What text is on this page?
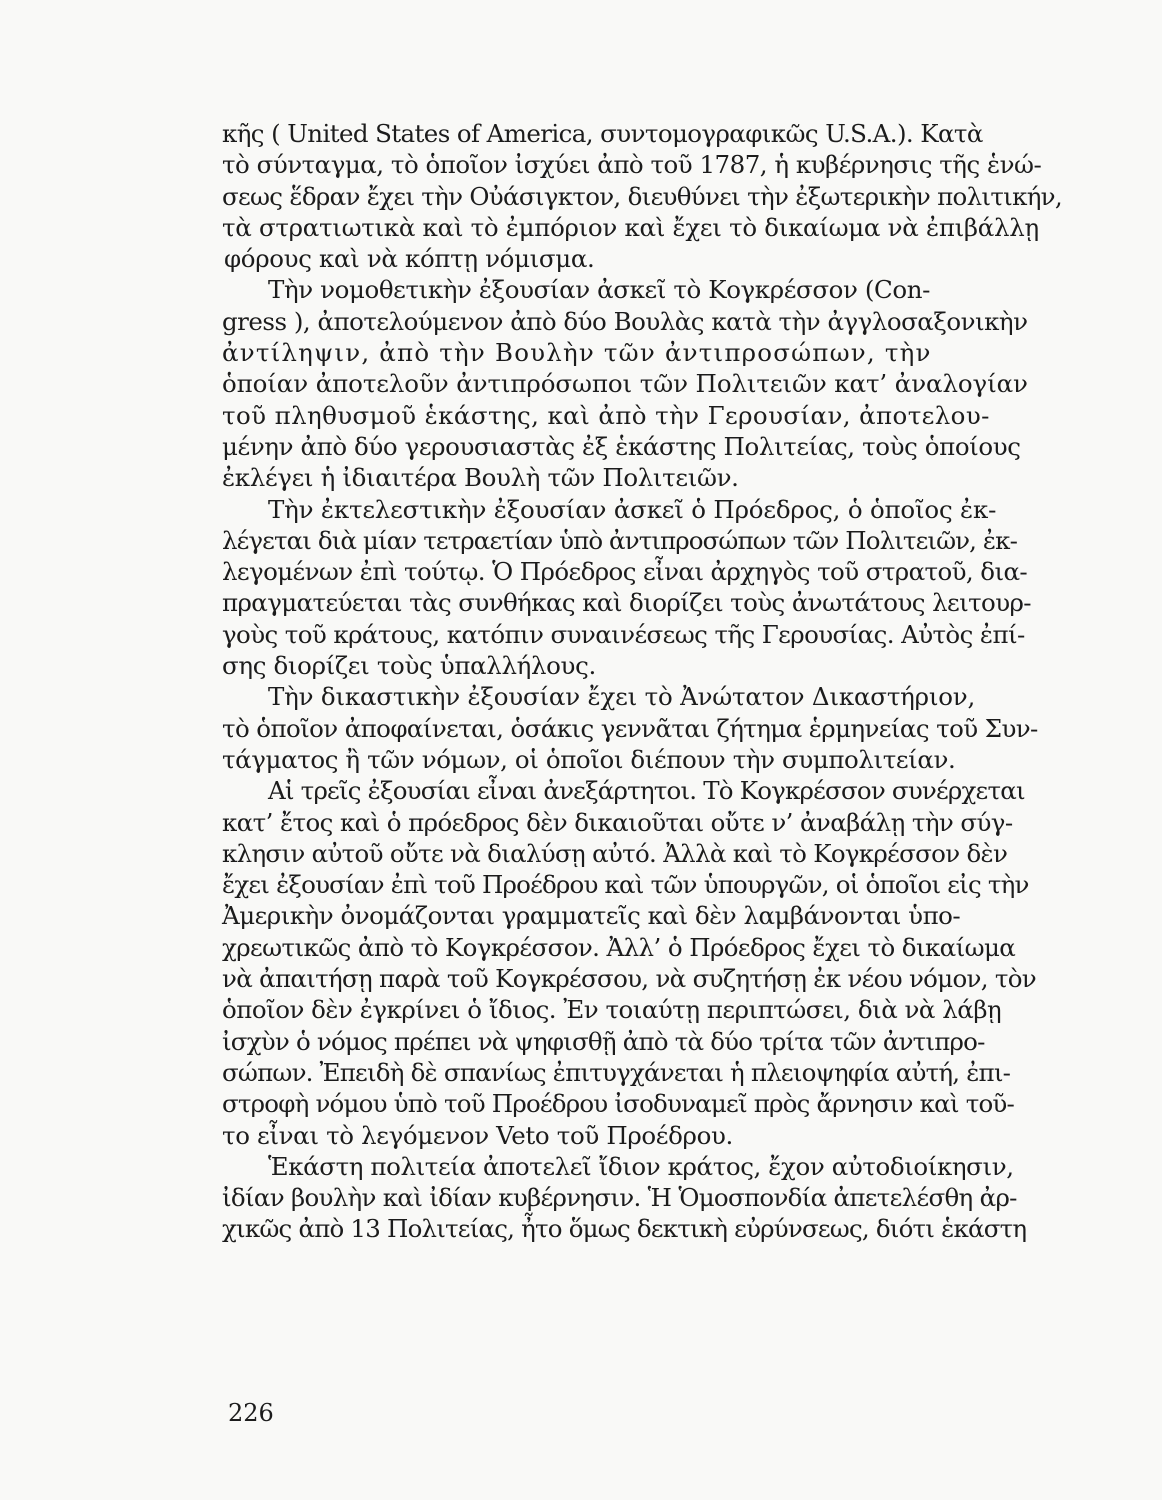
κῆς ( United States of America, συντομογραφικῶς U.S.A.). Κατὰ
τὸ σύνταγμα, τὸ ὁποῖον ἰσχύει ἀπὸ τοῦ 1787, ἡ κυβέρνησις τῆς ἑνώ-
σεως ἕδραν ἔχει τὴν Οὐάσιγκτον, διευθύνει τὴν ἐξωτερικὴν πολιτικήν,
τὰ στρατιωτικὰ καὶ τὸ ἐμπόριον καὶ ἔχει τὸ δικαίωμα νὰ ἐπιβάλλῃ
φόρους καὶ νὰ κόπτῃ νόμισμα.
Τὴν νομοθετικὴν ἐξουσίαν ἀσκεῖ τὸ Κογκρέσσον (Con-
gress ), ἀποτελούμενον ἀπὸ δύο Βουλὰς κατὰ τὴν ἀγγλοσαξονικὴν
ἀντίληψιν, ἀπὸ τὴν Βουλὴν τῶν ἀντιπροσώπων, τὴν
ὁποίαν ἀποτελοῦν ἀντιπρόσωποι τῶν Πολιτειῶν κατ’ ἀναλογίαν
τοῦ πληθυσμοῦ ἑκάστης, καὶ ἀπὸ τὴν Γερουσίαν, ἀποτελου-
μένην ἀπὸ δύο γερουσιαστὰς ἐξ ἑκάστης Πολιτείας, τοὺς ὁποίους
ἐκλέγει ἡ ἰδιαιτέρα Βουλὴ τῶν Πολιτειῶν.
Τὴν ἐκτελεστικὴν ἐξουσίαν ἀσκεῖ ὁ Πρόεδρος, ὁ ὁποῖος ἐκ-
λέγεται διὰ μίαν τετραετίαν ὑπὸ ἀντιπροσώπων τῶν Πολιτειῶν, ἐκ-
λεγομένων ἐπὶ τούτῳ. Ὁ Πρόεδρος εἶναι ἀρχηγὸς τοῦ στρατοῦ, δια-
πραγματεύεται τὰς συνθήκας καὶ διορίζει τοὺς ἀνωτάτους λειτουρ-
γοὺς τοῦ κράτους, κατόπιν συναινέσεως τῆς Γερουσίας. Αὐτὸς ἐπί-
σης διορίζει τοὺς ὑπαλλήλους.
Τὴν δικαστικὴν ἐξουσίαν ἔχει τὸ Ἀνώτατον Δικαστήριον,
τὸ ὁποῖον ἀποφαίνεται, ὁσάκις γεννᾶται ζήτημα ἑρμηνείας τοῦ Συν-
τάγματος ἢ τῶν νόμων, οἱ ὁποῖοι διέπουν τὴν συμπολιτείαν.
Αἱ τρεῖς ἐξουσίαι εἶναι ἀνεξάρτητοι. Τὸ Κογκρέσσον συνέρχεται
κατ’ ἔτος καὶ ὁ πρόεδρος δὲν δικαιοῦται οὔτε ν’ ἀναβάλῃ τὴν σύγ-
κλησιν αὐτοῦ οὔτε νὰ διαλύσῃ αὐτό. Ἀλλὰ καὶ τὸ Κογκρέσσον δὲν
ἔχει ἐξουσίαν ἐπὶ τοῦ Προέδρου καὶ τῶν ὑπουργῶν, οἱ ὁποῖοι εἰς τὴν
Ἀμερικὴν ὀνομάζονται γραμματεῖς καὶ δὲν λαμβάνονται ὑπο-
χρεωτικῶς ἀπὸ τὸ Κογκρέσσον. Ἀλλ’ ὁ Πρόεδρος ἔχει τὸ δικαίωμα
νὰ ἀπαιτήσῃ παρὰ τοῦ Κογκρέσσου, νὰ συζητήσῃ ἐκ νέου νόμον, τὸν
ὁποῖον δὲν ἐγκρίνει ὁ ἴδιος. Ἐν τοιαύτῃ περιπτώσει, διὰ νὰ λάβῃ
ἰσχὺν ὁ νόμος πρέπει νὰ ψηφισθῇ ἀπὸ τὰ δύο τρίτα τῶν ἀντιπρο-
σώπων. Ἐπειδὴ δὲ σπανίως ἐπιτυγχάνεται ἡ πλειοψηφία αὐτή, ἐπι-
στροφὴ νόμου ὑπὸ τοῦ Προέδρου ἰσοδυναμεῖ πρὸς ἄρνησιν καὶ τοῦ-
το εἶναι τὸ λεγόμενον Veto τοῦ Προέδρου.
Ἑκάστη πολιτεία ἀποτελεῖ ἴδιον κράτος, ἔχον αὐτοδιοίκησιν,
ἰδίαν βουλὴν καὶ ἰδίαν κυβέρνησιν. Ἡ Ὁμοσπονδία ἀπετελέσθη ἀρ-
χικῶς ἀπὸ 13 Πολιτείας, ἦτο ὅμως δεκτικὴ εὐρύνσεως, διότι ἑκάστη
226
